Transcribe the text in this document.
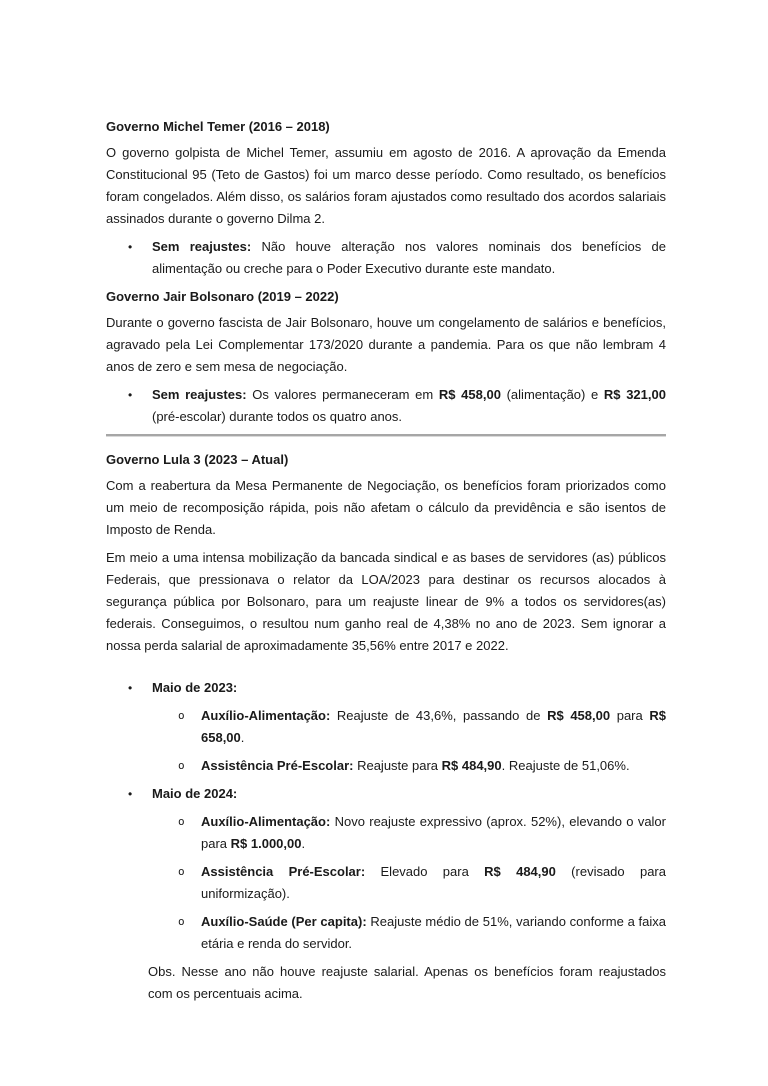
Governo Michel Temer (2016 – 2018)

O governo golpista de Michel Temer, assumiu em agosto de 2016. A aprovação da Emenda Constitucional 95 (Teto de Gastos) foi um marco desse período. Como resultado, os benefícios foram congelados. Além disso, os salários foram ajustados como resultado dos acordos salariais assinados durante o governo Dilma 2.

•	Sem reajustes: Não houve alteração nos valores nominais dos benefícios de alimentação ou creche para o Poder Executivo durante este mandato.

Governo Jair Bolsonaro (2019 – 2022)

Durante o governo fascista de Jair Bolsonaro, houve um congelamento de salários e benefícios, agravado pela Lei Complementar 173/2020 durante a pandemia. Para os que não lembram 4 anos de zero e sem mesa de negociação.

•	Sem reajustes: Os valores permaneceram em R$ 458,00 (alimentação) e R$ 321,00 (pré-escolar) durante todos os quatro anos.

Governo Lula 3 (2023 – Atual)

Com a reabertura da Mesa Permanente de Negociação, os benefícios foram priorizados como um meio de recomposição rápida, pois não afetam o cálculo da previdência e são isentos de Imposto de Renda.

Em meio a uma intensa mobilização da bancada sindical e as bases de servidores (as) públicos Federais, que pressionava o relator da LOA/2023 para destinar os recursos alocados à segurança pública por Bolsonaro, para um reajuste linear de 9% a todos os servidores(as) federais. Conseguimos, o resultou num ganho real de 4,38% no ano de 2023. Sem ignorar a nossa perda salarial de aproximadamente 35,56% entre 2017 e 2022.

•	Maio de 2023:

o	Auxílio-Alimentação: Reajuste de 43,6%, passando de R$ 458,00 para R$ 658,00.

o	Assistência Pré-Escolar: Reajuste para R$ 484,90. Reajuste de 51,06%.

•	Maio de 2024:

o	Auxílio-Alimentação: Novo reajuste expressivo (aprox. 52%), elevando o valor para R$ 1.000,00.

o	Assistência Pré-Escolar: Elevado para R$ 484,90 (revisado para uniformização).

o	Auxílio-Saúde (Per capita): Reajuste médio de 51%, variando conforme a faixa etária e renda do servidor.

Obs. Nesse ano não houve reajuste salarial. Apenas os benefícios foram reajustados com os percentuais acima.
